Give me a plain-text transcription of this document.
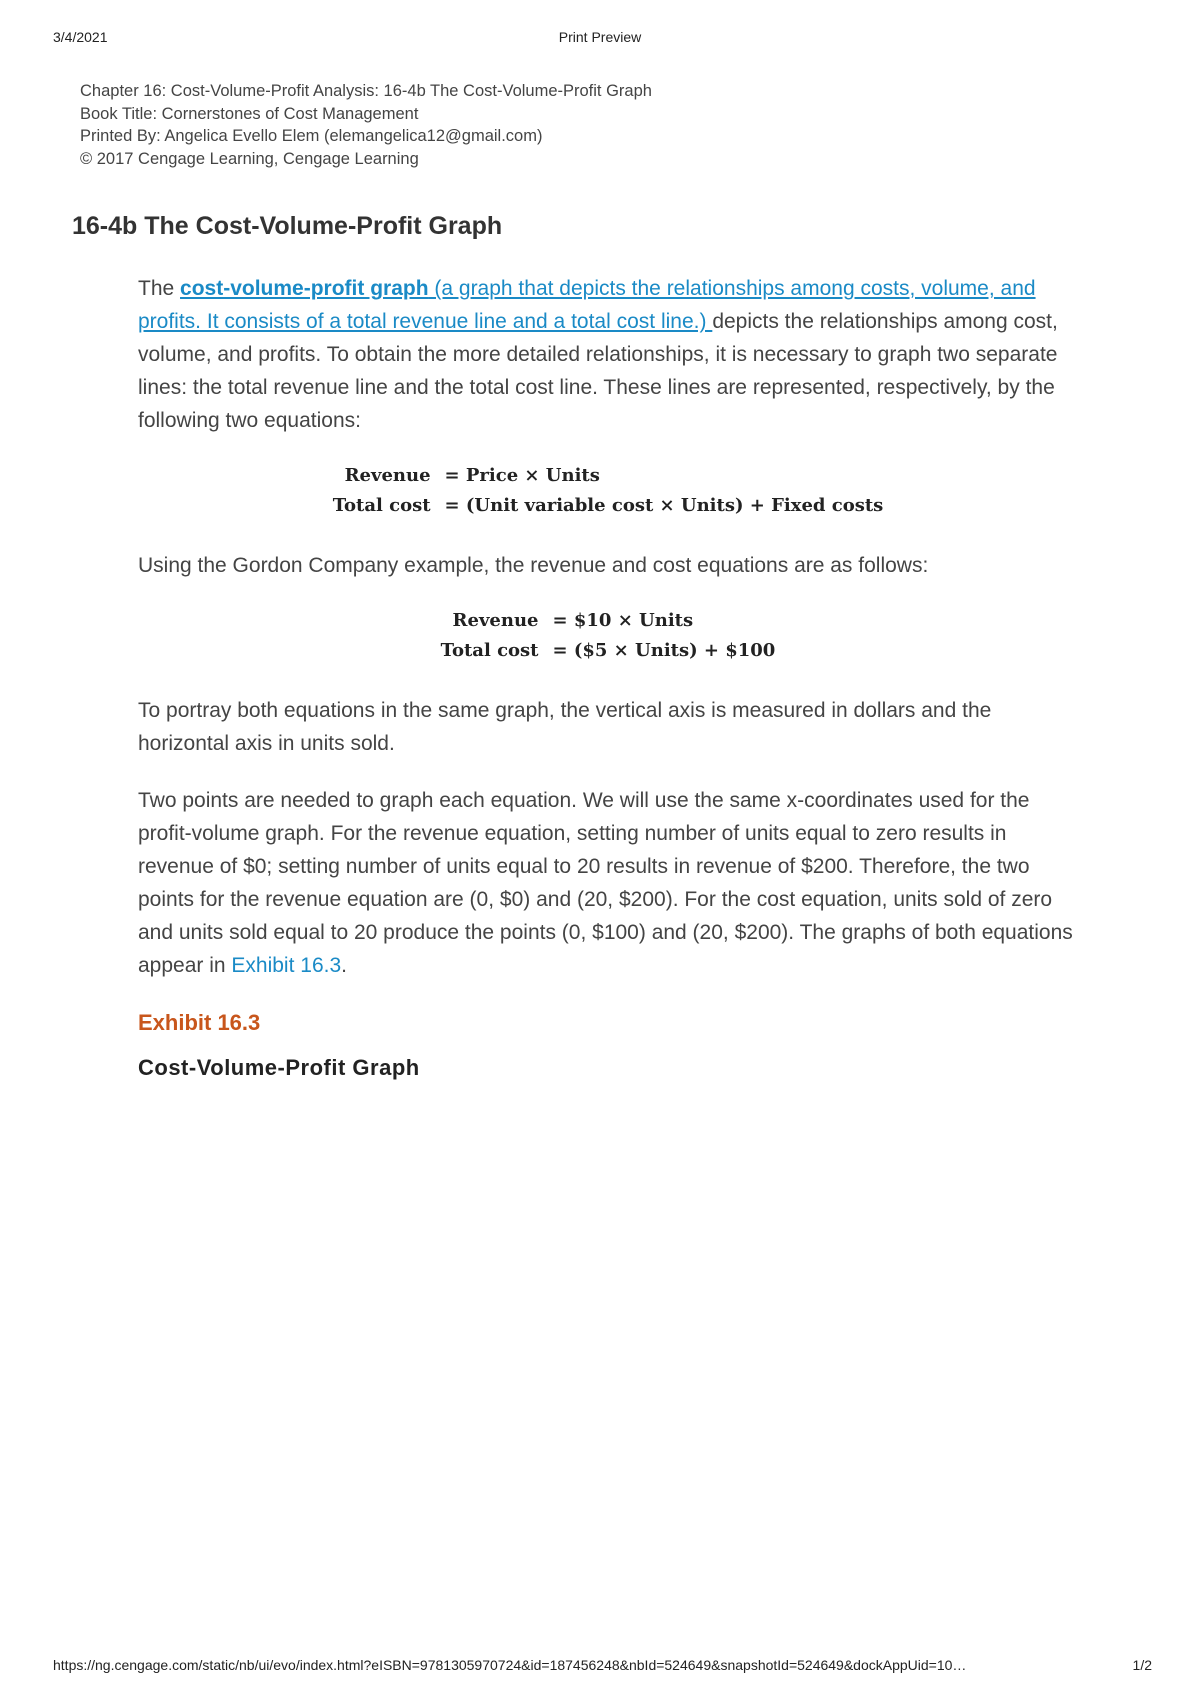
3/4/2021	Print Preview
Chapter 16: Cost-Volume-Profit Analysis: 16-4b The Cost-Volume-Profit Graph
Book Title: Cornerstones of Cost Management
Printed By: Angelica Evello Elem (elemangelica12@gmail.com)
© 2017 Cengage Learning, Cengage Learning
16-4b The Cost-Volume-Profit Graph

The cost-volume-profit graph (a graph that depicts the relationships among costs, volume, and profits. It consists of a total revenue line and a total cost line.) depicts the relationships among cost, volume, and profits. To obtain the more detailed relationships, it is necessary to graph two separate lines: the total revenue line and the total cost line. These lines are represented, respectively, by the following two equations:

Revenue = Price × Units
Total cost = (Unit variable cost × Units) + Fixed costs

Using the Gordon Company example, the revenue and cost equations are as follows:

Revenue = $10 × Units
Total cost = ($5 × Units) + $100

To portray both equations in the same graph, the vertical axis is measured in dollars and the horizontal axis in units sold.

Two points are needed to graph each equation. We will use the same x-coordinates used for the profit-volume graph. For the revenue equation, setting number of units equal to zero results in revenue of $0; setting number of units equal to 20 results in revenue of $200. Therefore, the two points for the revenue equation are (0, $0) and (20, $200). For the cost equation, units sold of zero and units sold equal to 20 produce the points (0, $100) and (20, $200). The graphs of both equations appear in Exhibit 16.3.

Exhibit 16.3
Cost-Volume-Profit Graph
https://ng.cengage.com/static/nb/ui/evo/index.html?eISBN=9781305970724&id=187456248&nbId=524649&snapshotId=524649&dockAppUid=10…	1/2
